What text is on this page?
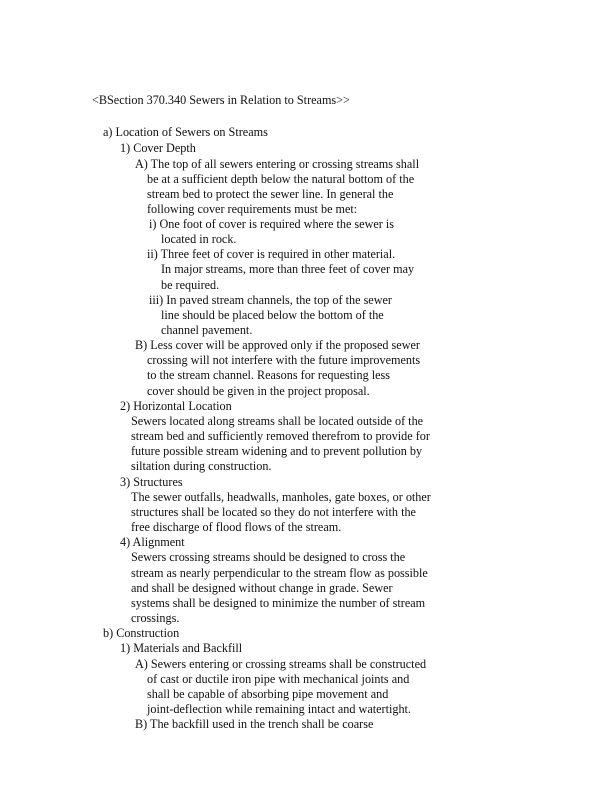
<BSection 370.340 Sewers in Relation to Streams>>
a) Location of Sewers on Streams
1) Cover Depth
A) The top of all sewers entering or crossing streams shall
be at a sufficient depth below the natural bottom of the
stream bed to protect the sewer line. In general the
following cover requirements must be met:
i) One foot of cover is required where the sewer is
located in rock.
ii) Three feet of cover is required in other material.
In major streams, more than three feet of cover may
be required.
iii) In paved stream channels, the top of the sewer
line should be placed below the bottom of the
channel pavement.
B) Less cover will be approved only if the proposed sewer
crossing will not interfere with the future improvements
to the stream channel. Reasons for requesting less
cover should be given in the project proposal.
2) Horizontal Location
Sewers located along streams shall be located outside of the
stream bed and sufficiently removed therefrom to provide for
future possible stream widening and to prevent pollution by
siltation during construction.
3) Structures
The sewer outfalls, headwalls, manholes, gate boxes, or other
structures shall be located so they do not interfere with the
free discharge of flood flows of the stream.
4) Alignment
Sewers crossing streams should be designed to cross the
stream as nearly perpendicular to the stream flow as possible
and shall be designed without change in grade. Sewer
systems shall be designed to minimize the number of stream
crossings.
b) Construction
1) Materials and Backfill
A) Sewers entering or crossing streams shall be constructed
of cast or ductile iron pipe with mechanical joints and
shall be capable of absorbing pipe movement and
joint-deflection while remaining intact and watertight.
B) The backfill used in the trench shall be coarse
